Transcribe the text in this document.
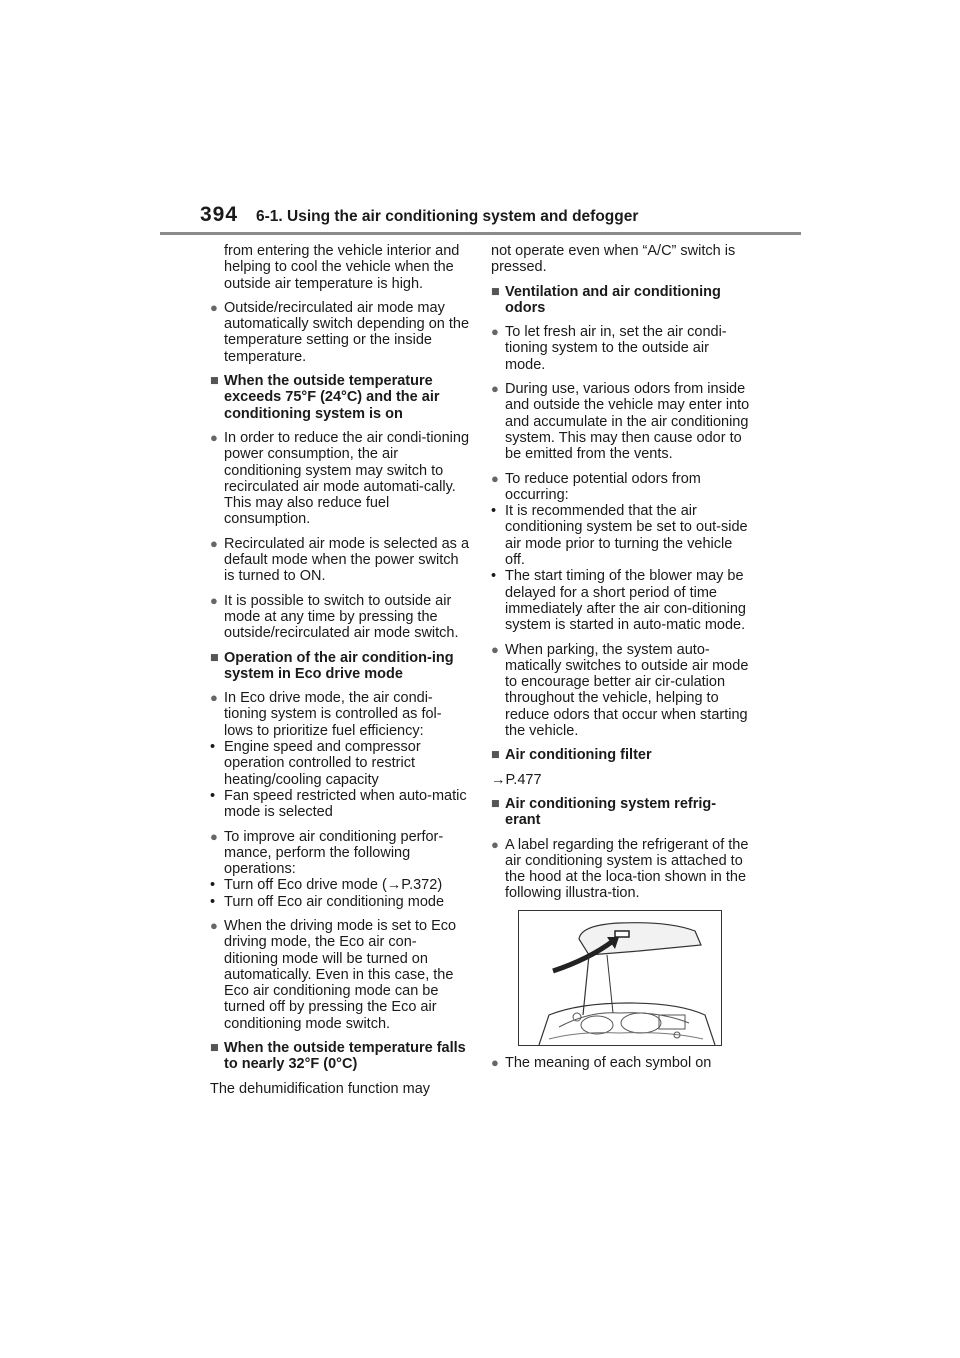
394 6-1. Using the air conditioning system and defogger
from entering the vehicle interior and helping to cool the vehicle when the outside air temperature is high.
● Outside/recirculated air mode may automatically switch depending on the temperature setting or the inside temperature.
■ When the outside temperature exceeds 75°F (24°C) and the air conditioning system is on
● In order to reduce the air condi-tioning power consumption, the air conditioning system may switch to recirculated air mode automati-cally. This may also reduce fuel consumption.
● Recirculated air mode is selected as a default mode when the power switch is turned to ON.
● It is possible to switch to outside air mode at any time by pressing the outside/recirculated air mode switch.
■ Operation of the air condition-ing system in Eco drive mode
● In Eco drive mode, the air condi-tioning system is controlled as fol-lows to prioritize fuel efficiency:
• Engine speed and compressor operation controlled to restrict heating/cooling capacity
• Fan speed restricted when auto-matic mode is selected
● To improve air conditioning perfor-mance, perform the following operations:
• Turn off Eco drive mode (→P.372)
• Turn off Eco air conditioning mode
● When the driving mode is set to Eco driving mode, the Eco air con-ditioning mode will be turned on automatically. Even in this case, the Eco air conditioning mode can be turned off by pressing the Eco air conditioning mode switch.
■ When the outside temperature falls to nearly 32°F (0°C)
The dehumidification function may
not operate even when “A/C” switch is pressed.
■ Ventilation and air conditioning odors
● To let fresh air in, set the air condi-tioning system to the outside air mode.
● During use, various odors from inside and outside the vehicle may enter into and accumulate in the air conditioning system. This may then cause odor to be emitted from the vents.
● To reduce potential odors from occurring:
• It is recommended that the air conditioning system be set to out-side air mode prior to turning the vehicle off.
• The start timing of the blower may be delayed for a short period of time immediately after the air con-ditioning system is started in auto-matic mode.
● When parking, the system auto-matically switches to outside air mode to encourage better air cir-culation throughout the vehicle, helping to reduce odors that occur when starting the vehicle.
■ Air conditioning filter
→P.477
■ Air conditioning system refrig-erant
● A label regarding the refrigerant of the air conditioning system is attached to the hood at the loca-tion shown in the following illustra-tion.
● The meaning of each symbol on
